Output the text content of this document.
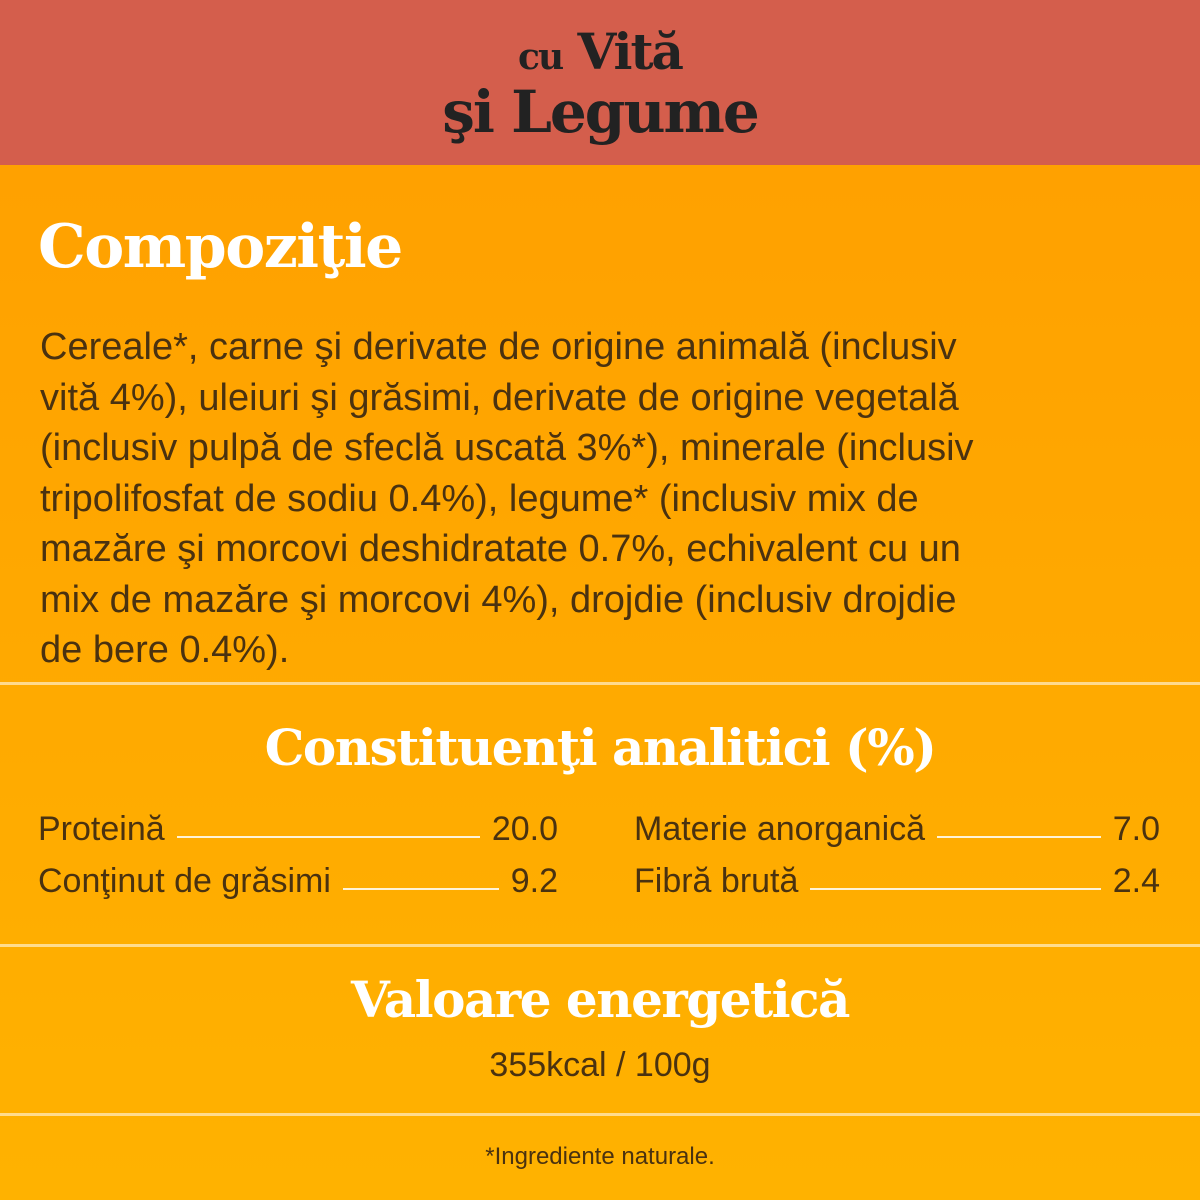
cu Vită
şi Legume
Compoziţie
Cereale*, carne şi derivate de origine animală (inclusiv
vită 4%), uleiuri şi grăsimi, derivate de origine vegetală
(inclusiv pulpă de sfeclă uscată 3%*), minerale (inclusiv
tripolifosfat de sodiu 0.4%), legume* (inclusiv mix de
mazăre şi morcovi deshidratate 0.7%, echivalent cu un
mix de mazăre şi morcovi 4%), drojdie (inclusiv drojdie
de bere 0.4%).
Constituenţi analitici (%)
Proteină	20.0
Conţinut de grăsimi	9.2
Materie anorganică	7.0
Fibră brută	2.4
Valoare energetică
355kcal / 100g
*Ingrediente naturale.
